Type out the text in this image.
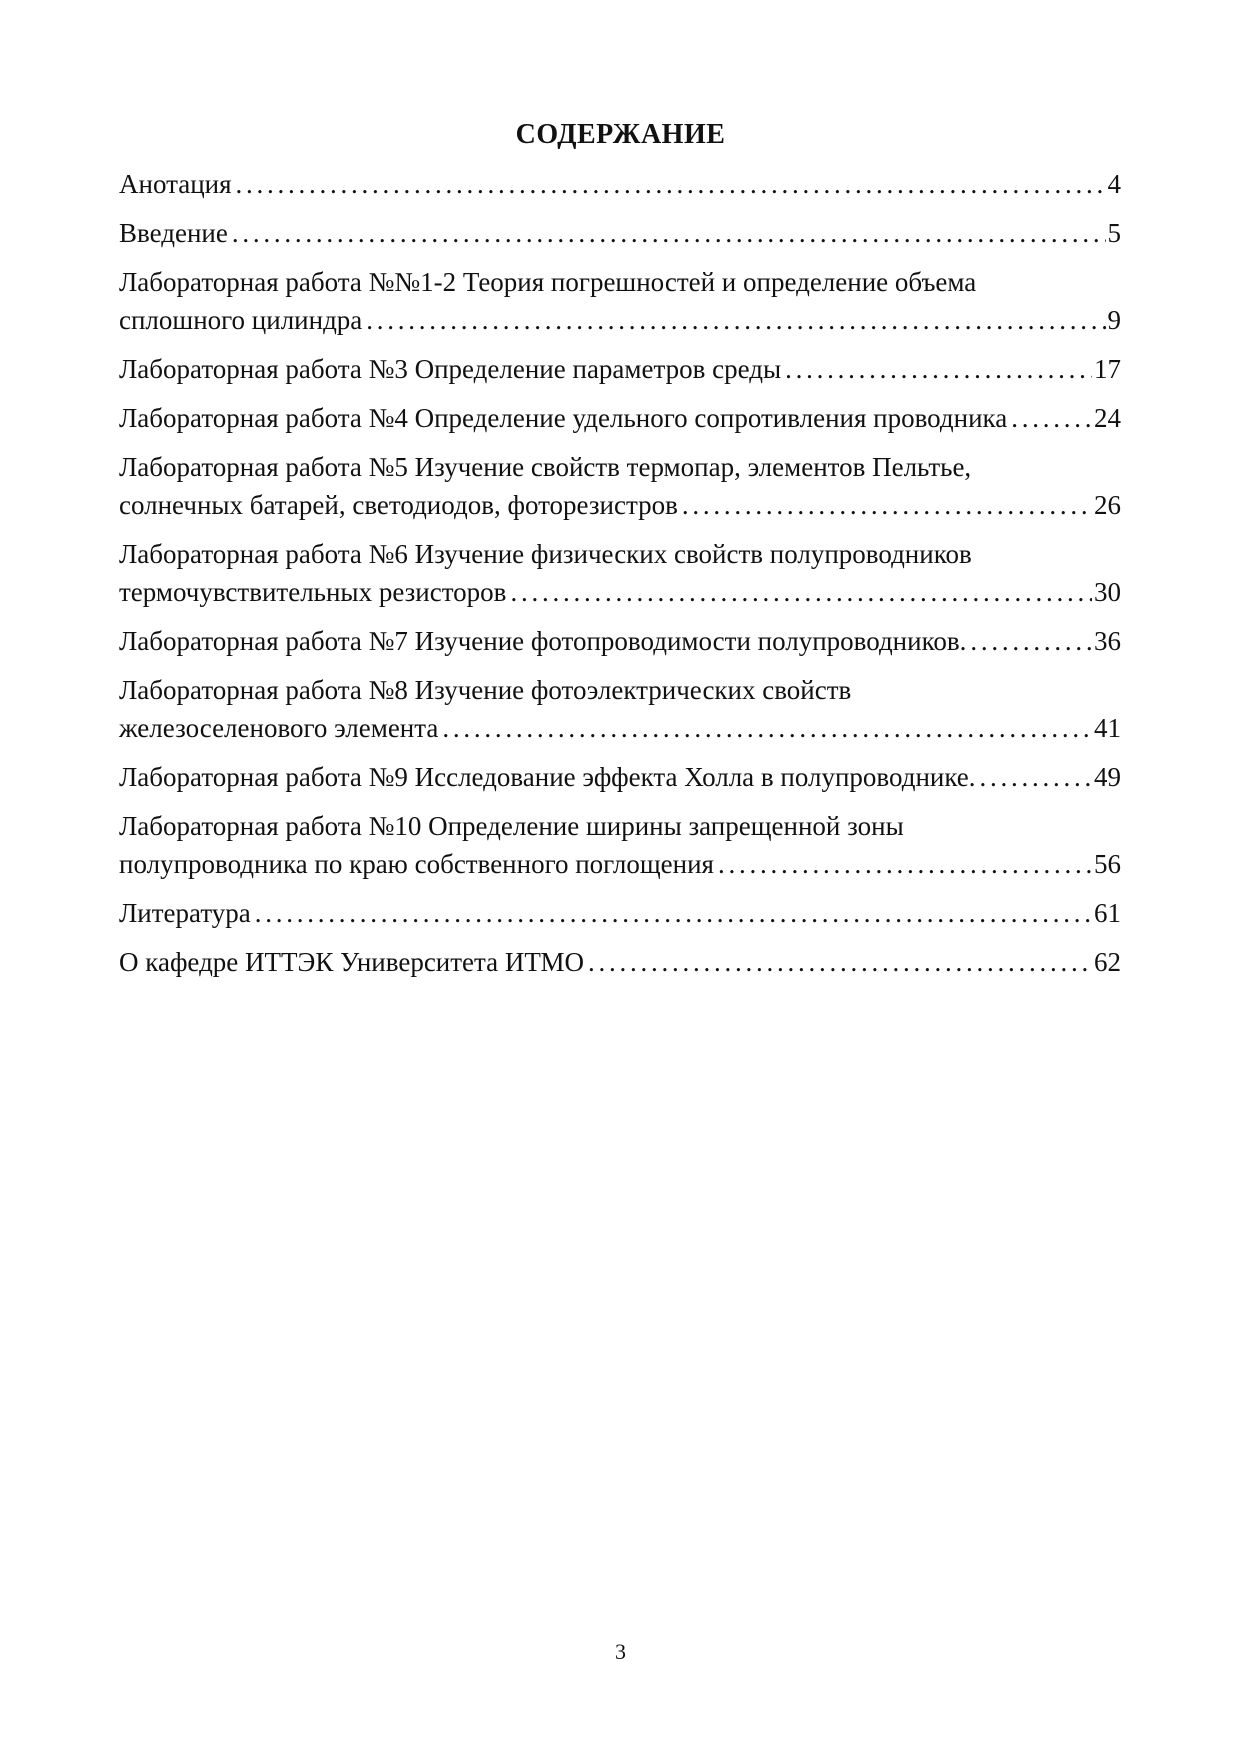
СОДЕРЖАНИЕ
Анотация . . .	4
Введение . . .	5
Лабораторная работа №№1-2 Теория погрешностей и определение объема
сплошного цилиндра . . .	9
Лабораторная работа №3 Определение параметров среды . . .	17
Лабораторная работа №4 Определение удельного сопротивления проводника . . .	24
Лабораторная работа №5 Изучение свойств термопар, элементов Пельтье,
солнечных батарей, светодиодов, фоторезистров . . .	26
Лабораторная работа №6 Изучение физических свойств полупроводников
термочувствительных резисторов . . .	30
Лабораторная работа №7 Изучение фотопроводимости полупроводников. . . .	36
Лабораторная работа №8 Изучение фотоэлектрических свойств
железоселенового элемента . . .	41
Лабораторная работа №9 Исследование эффекта Холла в полупроводнике. . . .	49
Лабораторная работа №10 Определение ширины запрещенной зоны
полупроводника по краю собственного поглощения . . .	56
Литература . . .	61
О кафедре ИТТЭК Университета ИТМО . . .	62
3
